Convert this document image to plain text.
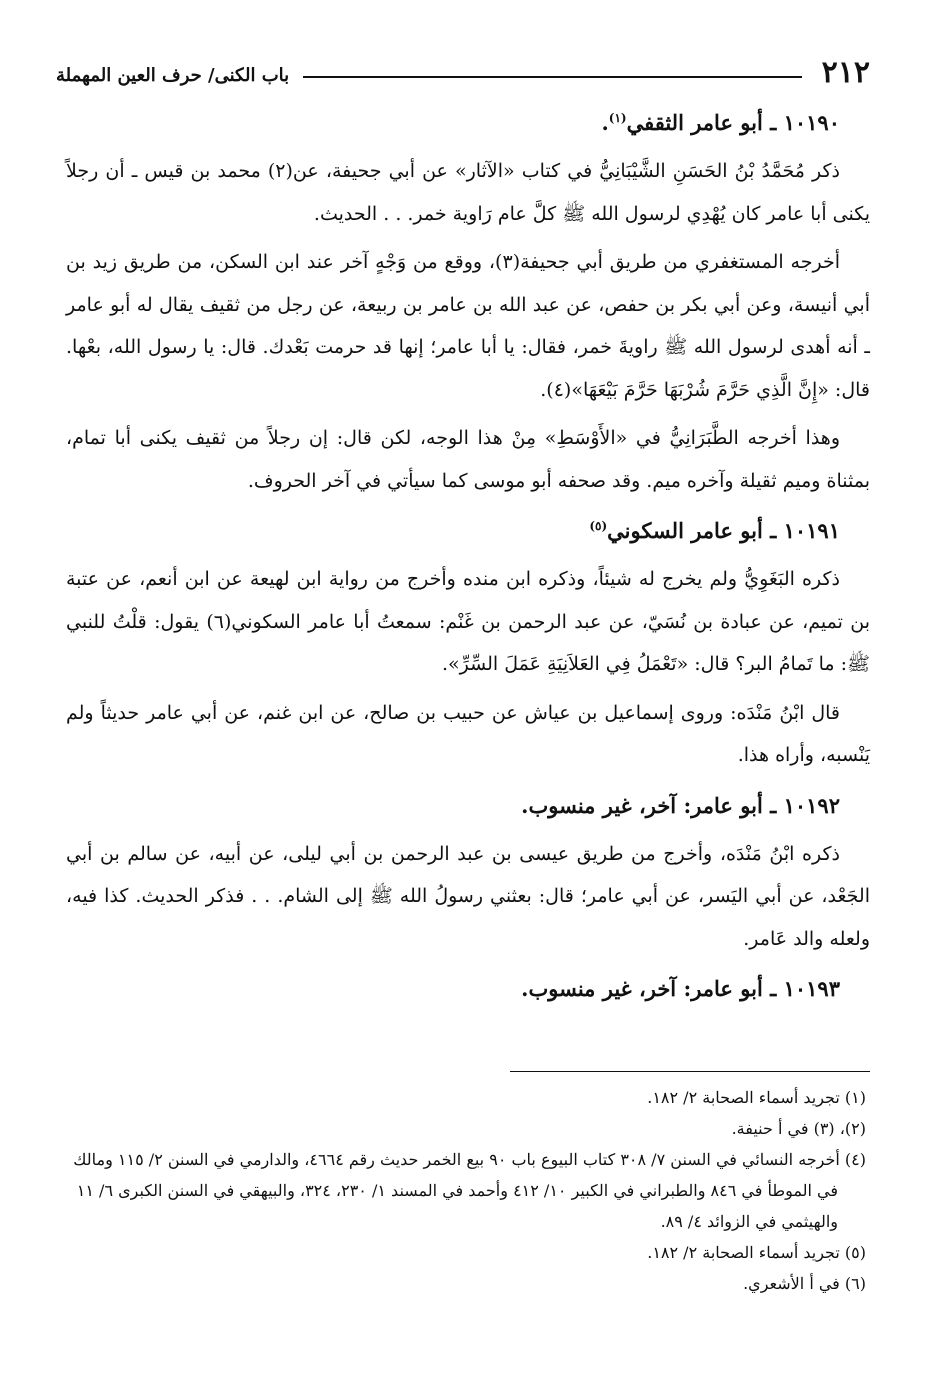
٢١٢
باب الكنى/ حرف العين المهملة
١٠١٩٠ ـ أبو عامر الثقفي$^{(١)}$.

ذكر مُحَمَّدُ بْنُ الحَسَنِ الشَّيْبَانِيُّ في كتاب «الآثار» عن أبي جحيفة، عن(٢) محمد بن قيس ـ أن رجلاً يكنى أبا عامر كان يُهْدِي لرسول الله ﷺ كلَّ عام رَاوية خمر. . . الحديث.

أخرجه المستغفري من طريق أبي جحيفة(٣)، ووقع من وَجْهٍ آخر عند ابن السكن، من طريق زيد بن أبي أنيسة، وعن أبي بكر بن حفص، عن عبد الله بن عامر بن ربيعة، عن رجل من ثقيف يقال له أبو عامر ـ أنه أهدى لرسول الله ﷺ راويةَ خمر، فقال: يا أبا عامر؛ إنها قد حرمت بَعْدك. قال: يا رسول الله، بعْها. قال: «إِنَّ الَّذِي حَرَّمَ شُرْبَهَا حَرَّمَ بَيْعَهَا»(٤).

وهذا أخرجه الطَّبَرَانِيُّ في «الأَوْسَطِ» مِنْ هذا الوجه، لكن قال: إن رجلاً من ثقيف يكنى أبا تمام، بمثناة وميم ثقيلة وآخره ميم. وقد صحفه أبو موسى كما سيأتي في آخر الحروف.

١٠١٩١ ـ أبو عامر السكوني$^{(٥)}$

ذكره البَغَوِيُّ ولم يخرج له شيئاً، وذكره ابن منده وأخرج من رواية ابن لهيعة عن ابن أنعم، عن عتبة بن تميم، عن عبادة بن نُسَيّ، عن عبد الرحمن بن غَنْم: سمعتُ أبا عامر السكوني(٦) يقول: قلْتُ للنبي ﷺ: ما تَمامُ البر؟ قال: «تَعْمَلُ فِي العَلاَنِيَةِ عَمَلَ السِّرِّ».

قال ابْنُ مَنْدَه: وروى إسماعيل بن عياش عن حبيب بن صالح، عن ابن غنم، عن أبي عامر حديثاً ولم يَنْسبه، وأراه هذا.

١٠١٩٢ ـ أبو عامر: آخر، غير منسوب.

ذكره ابْنُ مَنْدَه، وأخرج من طريق عيسى بن عبد الرحمن بن أبي ليلى، عن أبيه، عن سالم بن أبي الجَعْد، عن أبي اليَسر، عن أبي عامر؛ قال: بعثني رسولُ الله ﷺ إلى الشام. . . فذكر الحديث. كذا فيه، ولعله والد عَامر.

١٠١٩٣ ـ أبو عامر: آخر، غير منسوب.

(١) تجريد أسماء الصحابة ٢/ ١٨٢.

(٢)، (٣) في أ حنيفة.

(٤) أخرجه النسائي في السنن ٧/ ٣٠٨ كتاب البيوع باب ٩٠ بيع الخمر حديث رقم ٤٦٦٤، والدارمي في السنن ٢/ ١١٥ ومالك في الموطأ في ٨٤٦ والطبراني في الكبير ١٠/ ٤١٢ وأحمد في المسند ١/ ٢٣٠، ٣٢٤، والبيهقي في السنن الكبرى ٦/ ١١ والهيثمي في الزوائد ٤/ ٨٩.

(٥) تجريد أسماء الصحابة ٢/ ١٨٢.

(٦) في أ الأشعري.
